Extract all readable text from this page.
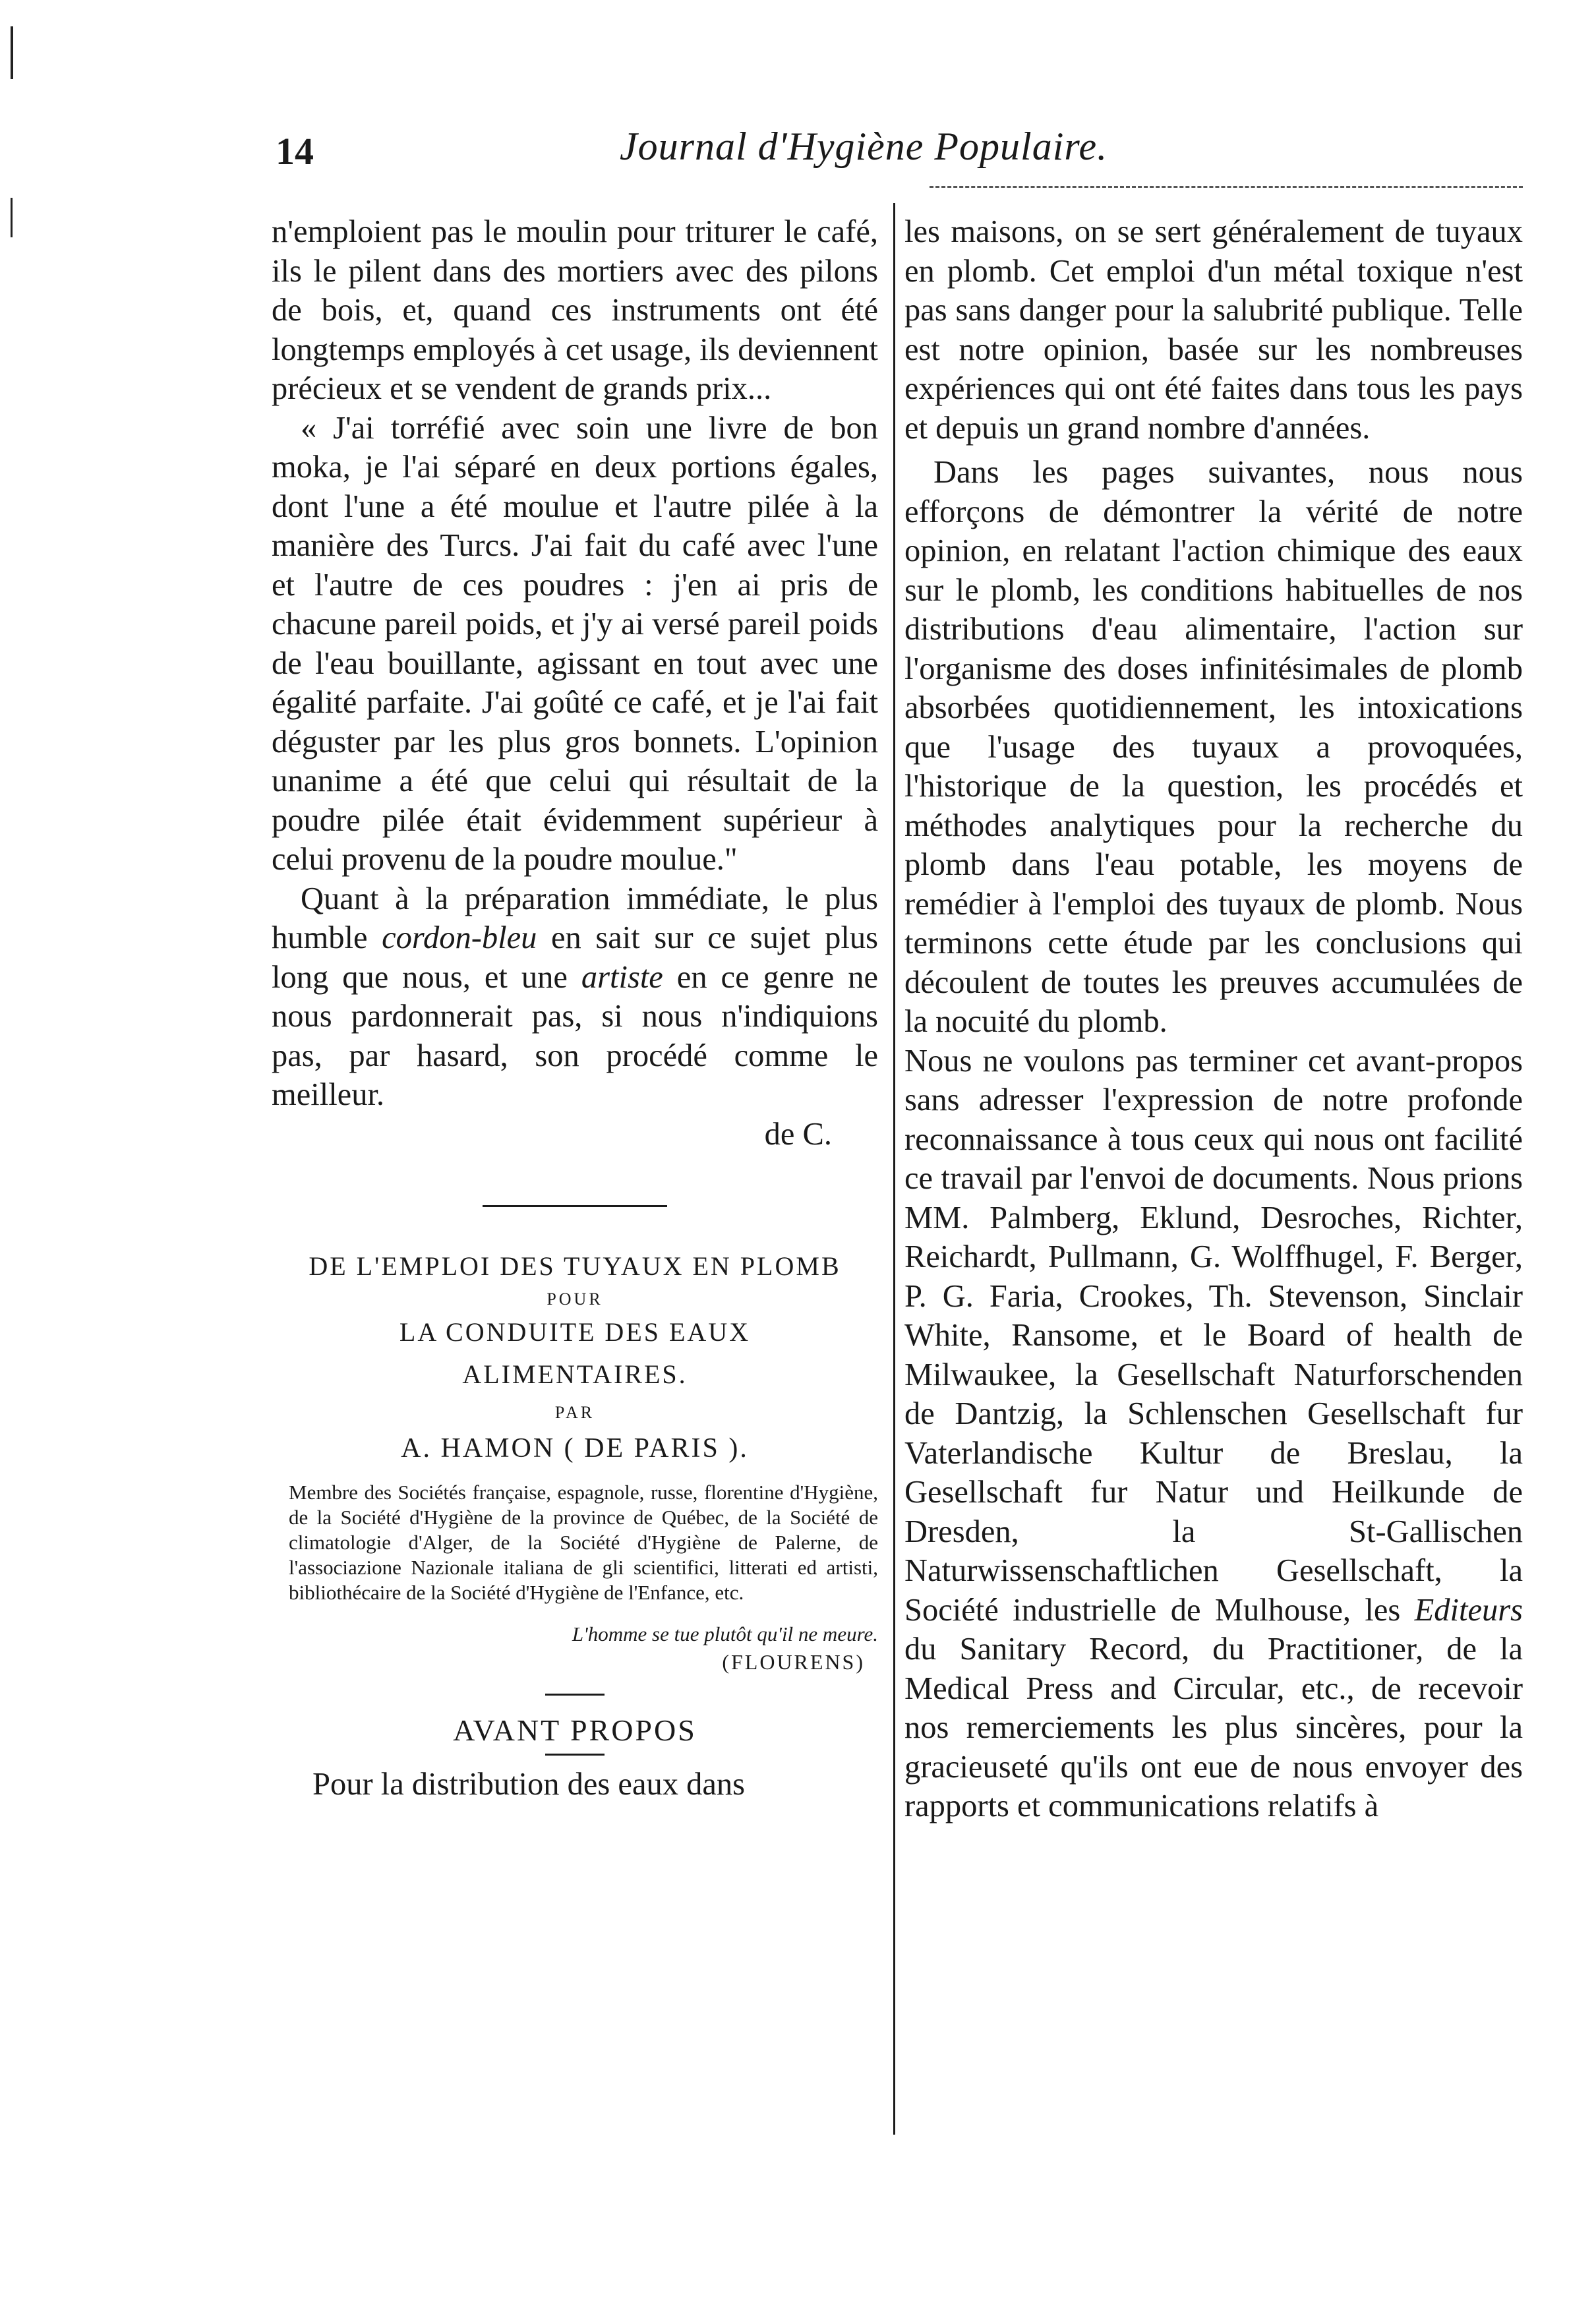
14	Journal d'Hygiène Populaire.

n'emploient pas le moulin pour triturer le café, ils le pilent dans des mortiers avec des pilons de bois, et, quand ces instruments ont été longtemps employés à cet usage, ils deviennent précieux et se vendent de grands prix...

« J'ai torréfié avec soin une livre de bon moka, je l'ai séparé en deux portions égales, dont l'une a été moulue et l'autre pilée à la manière des Turcs. J'ai fait du café avec l'une et l'autre de ces poudres : j'en ai pris de chacune pareil poids, et j'y ai versé pareil poids de l'eau bouillante, agissant en tout avec une égalité parfaite. J'ai goûté ce café, et je l'ai fait déguster par les plus gros bonnets. L'opinion unanime a été que celui qui résultait de la poudre pilée était évidemment supérieur à celui provenu de la poudre moulue."

Quant à la préparation immédiate, le plus humble cordon-bleu en sait sur ce sujet plus long que nous, et une artiste en ce genre ne nous pardonnerait pas, si nous n'indiquions pas, par hasard, son procédé comme le meilleur.

de C.

DE L'EMPLOI DES TUYAUX EN PLOMB
POUR
LA CONDUITE DES EAUX
ALIMENTAIRES.
PAR
A. HAMON ( DE PARIS ).
Membre des Sociétés française, espagnole, russe, florentine d'Hygiène, de la Société d'Hygiène de la province de Québec, de la Société de climatologie d'Alger, de la Société d'Hygiène de Palerne, de l'associazione Nazionale italiana de gli scientifici, litterati ed artisti, bibliothécaire de la Société d'Hygiène de l'Enfance, etc.
L'homme se tue plutôt qu'il ne meure.
(FLOURENS)
AVANT PROPOS

Pour la distribution des eaux dans

les maisons, on se sert généralement de tuyaux en plomb. Cet emploi d'un métal toxique n'est pas sans danger pour la salubrité publique. Telle est notre opinion, basée sur les nombreuses expériences qui ont été faites dans tous les pays et depuis un grand nombre d'années.

Dans les pages suivantes, nous nous efforçons de démontrer la vérité de notre opinion, en relatant l'action chimique des eaux sur le plomb, les conditions habituelles de nos distributions d'eau alimentaire, l'action sur l'organisme des doses infinitésimales de plomb absorbées quotidiennement, les intoxications que l'usage des tuyaux a provoquées, l'historique de la question, les procédés et méthodes analytiques pour la recherche du plomb dans l'eau potable, les moyens de remédier à l'emploi des tuyaux de plomb. Nous terminons cette étude par les conclusions qui découlent de toutes les preuves accumulées de la nocuité du plomb.

Nous ne voulons pas terminer cet avant-propos sans adresser l'expression de notre profonde reconnaissance à tous ceux qui nous ont facilité ce travail par l'envoi de documents. Nous prions MM. Palmberg, Eklund, Desroches, Richter, Reichardt, Pullmann, G. Wolffhugel, F. Berger, P. G. Faria, Crookes, Th. Stevenson, Sinclair White, Ransome, et le Board of health de Milwaukee, la Gesellschaft Naturforschenden de Dantzig, la Schlenschen Gesellschaft fur Vaterlandische Kultur de Breslau, la Gesellschaft fur Natur und Heilkunde de Dresden, la St-Gallischen Naturwissenschaftlichen Gesellschaft, la Société industrielle de Mulhouse, les Editeurs du Sanitary Record, du Practitioner, de la Medical Press and Circular, etc., de recevoir nos remerciements les plus sincères, pour la gracieuseté qu'ils ont eue de nous envoyer des rapports et communications relatifs à
